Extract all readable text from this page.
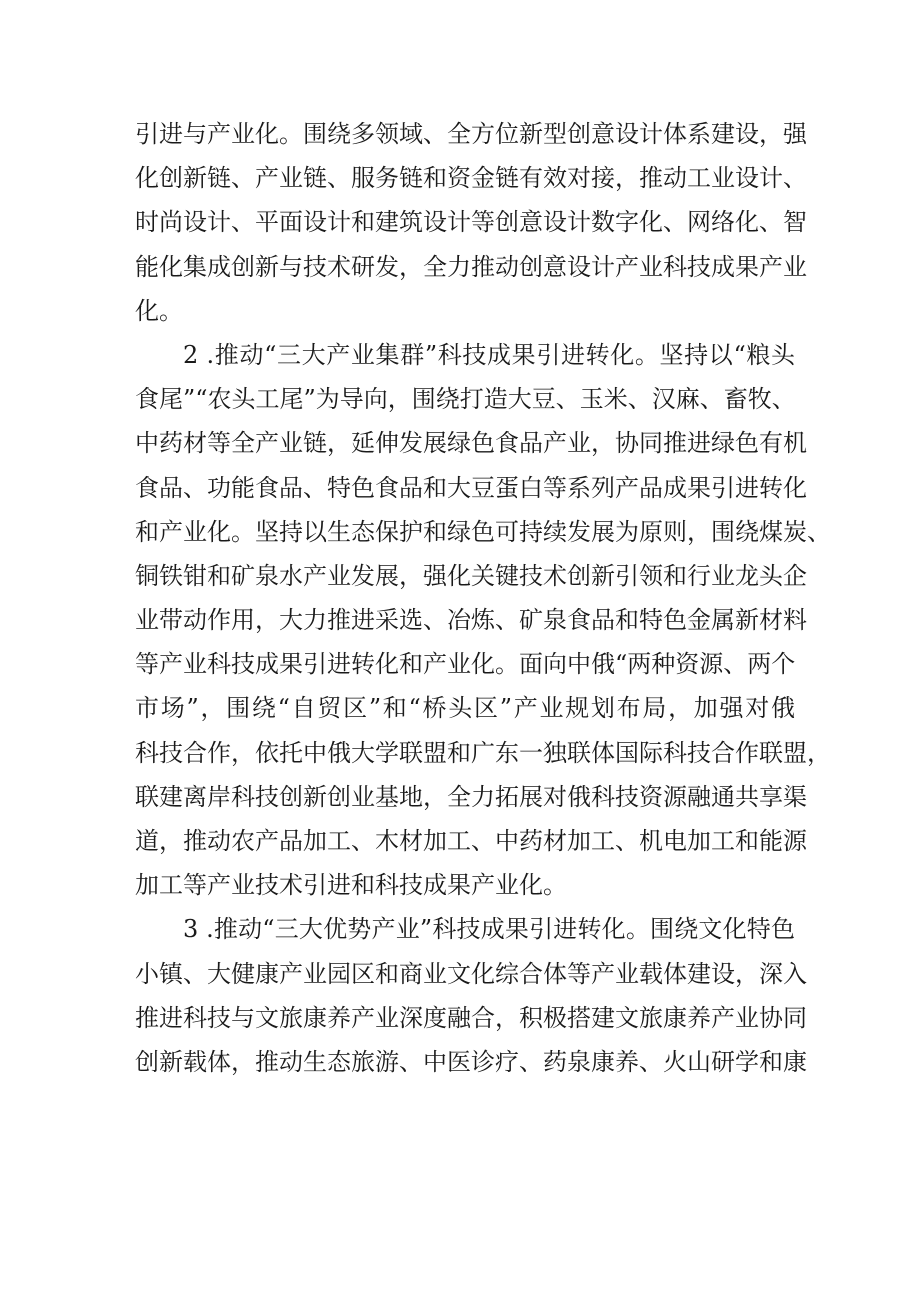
引进与产业化。围绕多领域、全方位新型创意设计体系建设，强
化创新链、产业链、服务链和资金链有效对接，推动工业设计、
时尚设计、平面设计和建筑设计等创意设计数字化、网络化、智
能化集成创新与技术研发，全力推动创意设计产业科技成果产业
化。
2 .推动“三大产业集群”科技成果引进转化。坚持以“粮头
食尾”“农头工尾”为导向，围绕打造大豆、玉米、汉麻、畜牧、
中药材等全产业链，延伸发展绿色食品产业，协同推进绿色有机
食品、功能食品、特色食品和大豆蛋白等系列产品成果引进转化
和产业化。坚持以生态保护和绿色可持续发展为原则，围绕煤炭、
铜铁钳和矿泉水产业发展，强化关键技术创新引领和行业龙头企
业带动作用，大力推进采选、冶炼、矿泉食品和特色金属新材料
等产业科技成果引进转化和产业化。面向中俄“两种资源、两个
市场”，围绕“自贸区”和“桥头区”产业规划布局，加强对俄
科技合作，依托中俄大学联盟和广东一独联体国际科技合作联盟，
联建离岸科技创新创业基地，全力拓展对俄科技资源融通共享渠
道，推动农产品加工、木材加工、中药材加工、机电加工和能源
加工等产业技术引进和科技成果产业化。
3 .推动“三大优势产业”科技成果引进转化。围绕文化特色
小镇、大健康产业园区和商业文化综合体等产业载体建设，深入
推进科技与文旅康养产业深度融合，积极搭建文旅康养产业协同
创新载体，推动生态旅游、中医诊疗、药泉康养、火山研学和康
